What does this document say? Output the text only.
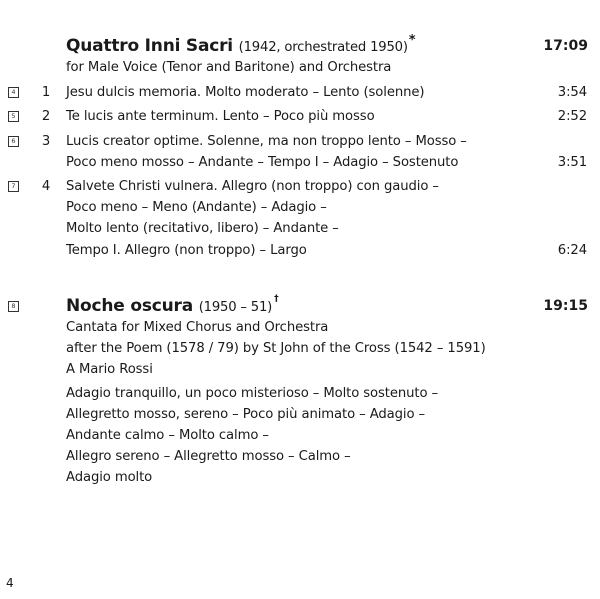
Quattro Inni Sacri (1942, orchestrated 1950)*	17:09
for Male Voice (Tenor and Baritone) and Orchestra
4 1 Jesu dulcis memoria. Molto moderato – Lento (solenne)	3:54
5 2 Te lucis ante terminum. Lento – Poco più mosso	2:52
6 3 Lucis creator optime. Solenne, ma non troppo lento – Mosso –
Poco meno mosso – Andante – Tempo I – Adagio – Sostenuto	3:51
7 4 Salvete Christi vulnera. Allegro (non troppo) con gaudio –
Poco meno – Meno (Andante) – Adagio –
Molto lento (recitativo, libero) – Andante –
Tempo I. Allegro (non troppo) – Largo	6:24
8	Noche oscura (1950 – 51)†	19:15
Cantata for Mixed Chorus and Orchestra
after the Poem (1578 / 79) by St John of the Cross (1542 – 1591)
A Mario Rossi
Adagio tranquillo, un poco misterioso – Molto sostenuto –
Allegretto mosso, sereno – Poco più animato – Adagio –
Andante calmo – Molto calmo –
Allegro sereno – Allegretto mosso – Calmo –
Adagio molto
4
